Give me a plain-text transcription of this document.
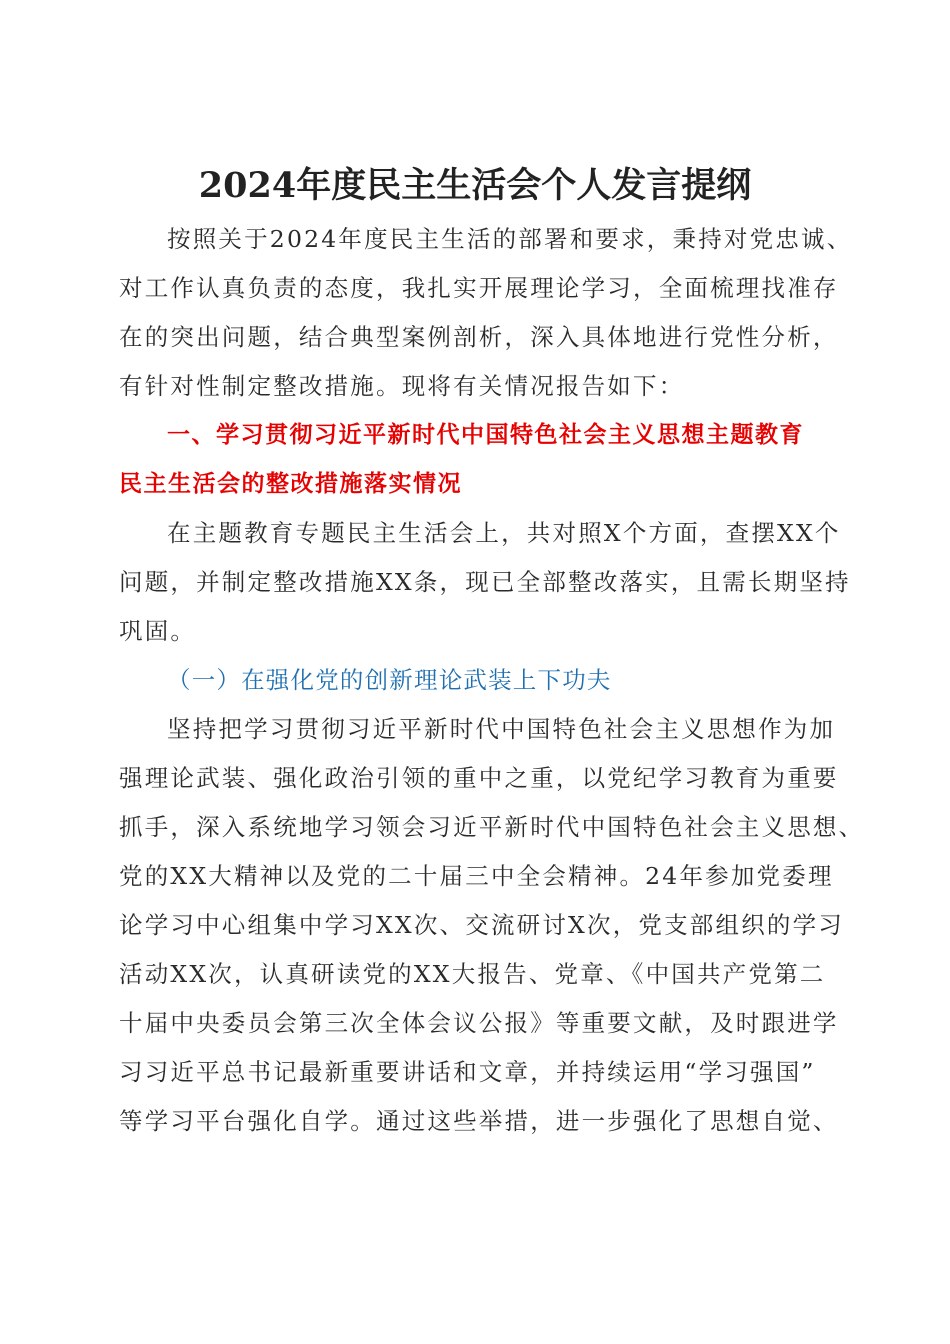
2024年度民主生活会个人发言提纲
按照关于2024年度民主生活的部署和要求，秉持对党忠诚、
对工作认真负责的态度，我扎实开展理论学习，全面梳理找准存
在的突出问题，结合典型案例剖析，深入具体地进行党性分析，
有针对性制定整改措施。现将有关情况报告如下：
一、学习贯彻习近平新时代中国特色社会主义思想主题教育
民主生活会的整改措施落实情况
在主题教育专题民主生活会上，共对照X个方面，查摆XX个
问题，并制定整改措施XX条，现已全部整改落实，且需长期坚持
巩固。
（一）在强化党的创新理论武装上下功夫
坚持把学习贯彻习近平新时代中国特色社会主义思想作为加
强理论武装、强化政治引领的重中之重，以党纪学习教育为重要
抓手，深入系统地学习领会习近平新时代中国特色社会主义思想、
党的XX大精神以及党的二十届三中全会精神。24年参加党委理
论学习中心组集中学习XX次、交流研讨X次，党支部组织的学习
活动XX次，认真研读党的XX大报告、党章、《中国共产党第二
十届中央委员会第三次全体会议公报》等重要文献，及时跟进学
习习近平总书记最新重要讲话和文章，并持续运用“学习强国”
等学习平台强化自学。通过这些举措，进一步强化了思想自觉、
